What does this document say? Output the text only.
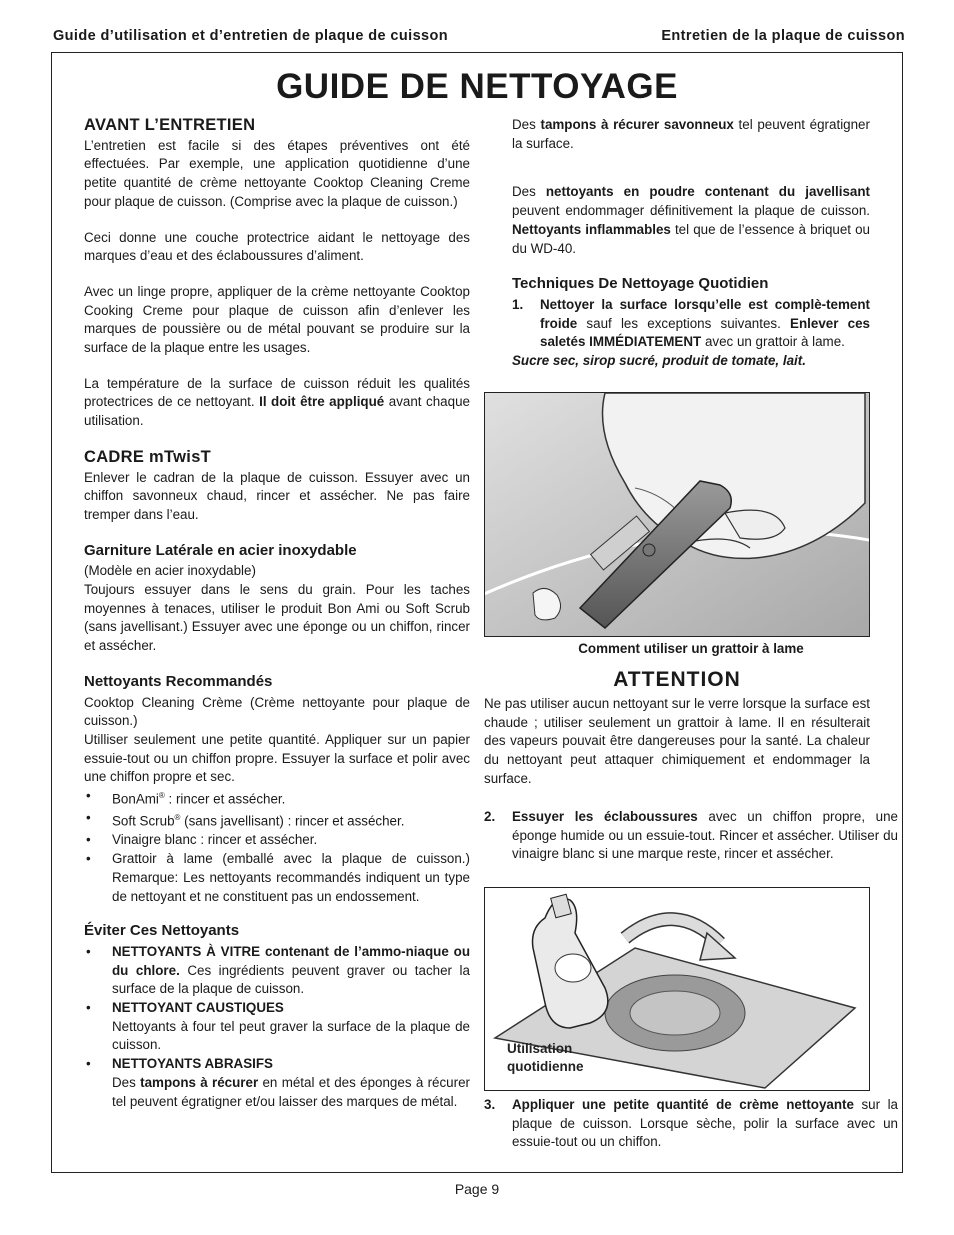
Guide d’utilisation et d’entretien de plaque de cuisson	Entretien de la plaque de cuisson
GUIDE DE NETTOYAGE
AVANT L’ENTRETIEN

L’entretien est facile si des étapes préventives ont été effectuées. Par exemple, une application quotidienne d’une petite quantité de crème nettoyante Cooktop Cleaning Creme pour plaque de cuisson. (Comprise avec la plaque de cuisson.)

Ceci donne une couche protectrice aidant le nettoyage des marques d’eau et des éclaboussures d’aliment.

Avec un linge propre, appliquer de la crème nettoyante Cooktop Cooking Creme pour plaque de cuisson afin d’enlever les marques de poussière ou de métal pouvant se produire sur la surface de la plaque entre les usages.

La température de la surface de cuisson réduit les qualités protectrices de ce nettoyant. Il doit être appliqué avant chaque utilisation.

CADRE mTwisT

Enlever le cadran de la plaque de cuisson. Essuyer avec un chiffon savonneux chaud, rincer et assécher. Ne pas faire tremper dans l’eau.

Garniture Latérale en acier inoxydable

(Modèle en acier inoxydable)

Toujours essuyer dans le sens du grain. Pour les taches moyennes à tenaces, utiliser le produit Bon Ami ou Soft Scrub (sans javellisant.) Essuyer avec une éponge ou un chiffon, rincer et assécher.

Nettoyants Recommandés

Cooktop Cleaning Crème (Crème nettoyante pour plaque de cuisson.)

Utilliser seulement une petite quantité. Appliquer sur un papier essuie-tout ou un chiffon propre. Essuyer la surface et polir avec une chiffon propre et sec.

• BonAmi® : rincer et assécher.
• Soft Scrub® (sans javellisant) : rincer et assécher.
• Vinaigre blanc : rincer et assécher.
• Grattoir à lame (emballé avec la plaque de cuisson.) Remarque: Les nettoyants recommandés indiquent un type de nettoyant et ne constituent pas un endossement.
Éviter Ces Nettoyants
• NETTOYANTS À VITRE contenant de l’ammo-niaque ou du chlore. Ces ingrédients peuvent graver ou tacher la surface de la plaque de cuisson.
• NETTOYANT CAUSTIQUES
Nettoyants à four tel peut graver la surface de la plaque de cuisson.
• NETTOYANTS ABRASIFS
Des tampons à récurer en métal et des éponges à récurer tel peuvent égratigner et/ou laisser des marques de métal.

Des tampons à récurer savonneux tel peuvent égratigner la surface.

Des nettoyants en poudre contenant du javellisant peuvent endommager définitivement la plaque de cuisson. Nettoyants inflammables tel que de l’essence à briquet ou du WD-40.

Techniques De Nettoyage Quotidien
1. Nettoyer la surface lorsqu’elle est complè-tement froide sauf les exceptions suivantes. Enlever ces saletés IMMÉDIATEMENT avec un grattoir à lame.
Sucre sec, sirop sucré, produit de tomate, lait.
Comment utiliser un grattoir à lame
ATTENTION

Ne pas utiliser aucun nettoyant sur le verre lorsque la surface est chaude ; utiliser seulement un grattoir à lame. Il en résulterait des vapeurs pouvait être dangereuses pour la santé. La chaleur du nettoyant peut attaquer chimiquement et endommager la surface.

2. Essuyer les éclaboussures avec un chiffon propre, une éponge humide ou un essuie-tout. Rincer et assécher. Utiliser du vinaigre blanc si une marque reste, rincer et assécher.
Utilisation
quotidienne
3. Appliquer une petite quantité de crème nettoyante sur la plaque de cuisson. Lorsque sèche, polir la surface avec un essuie-tout ou un chiffon.
Page 9
